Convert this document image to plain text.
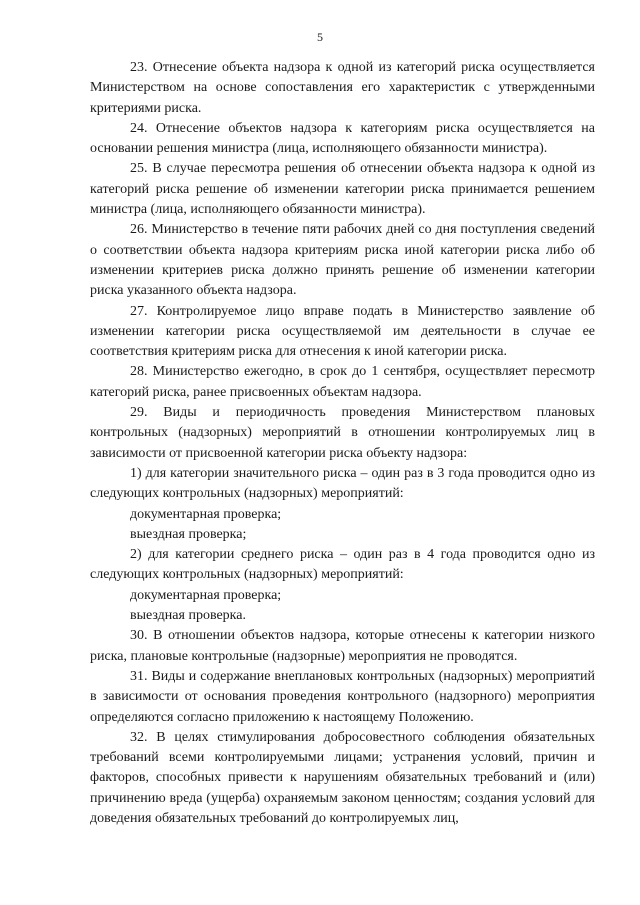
5

23. Отнесение объекта надзора к одной из категорий риска осуществляется Министерством на основе сопоставления его характеристик с утвержденными критериями риска.

24. Отнесение объектов надзора к категориям риска осуществляется на основании решения министра (лица, исполняющего обязанности министра).

25. В случае пересмотра решения об отнесении объекта надзора к одной из категорий риска решение об изменении категории риска принимается решением министра (лица, исполняющего обязанности министра).

26. Министерство в течение пяти рабочих дней со дня поступления сведений о соответствии объекта надзора критериям риска иной категории риска либо об изменении критериев риска должно принять решение об изменении категории риска указанного объекта надзора.

27. Контролируемое лицо вправе подать в Министерство заявление об изменении категории риска осуществляемой им деятельности в случае ее соответствия критериям риска для отнесения к иной категории риска.

28. Министерство ежегодно, в срок до 1 сентября, осуществляет пересмотр категорий риска, ранее присвоенных объектам надзора.

29. Виды и периодичность проведения Министерством плановых контрольных (надзорных) мероприятий в отношении контролируемых лиц в зависимости от присвоенной категории риска объекту надзора:

1) для категории значительного риска – один раз в 3 года проводится одно из следующих контрольных (надзорных) мероприятий:

документарная проверка;

выездная проверка;

2) для категории среднего риска – один раз в 4 года проводится одно из следующих контрольных (надзорных) мероприятий:

документарная проверка;

выездная проверка.

30. В отношении объектов надзора, которые отнесены к категории низкого риска, плановые контрольные (надзорные) мероприятия не проводятся.

31. Виды и содержание внеплановых контрольных (надзорных) мероприятий в зависимости от основания проведения контрольного (надзорного) мероприятия определяются согласно приложению к настоящему Положению.

32. В целях стимулирования добросовестного соблюдения обязательных требований всеми контролируемыми лицами; устранения условий, причин и факторов, способных привести к нарушениям обязательных требований и (или) причинению вреда (ущерба) охраняемым законом ценностям; создания условий для доведения обязательных требований до контролируемых лиц,
